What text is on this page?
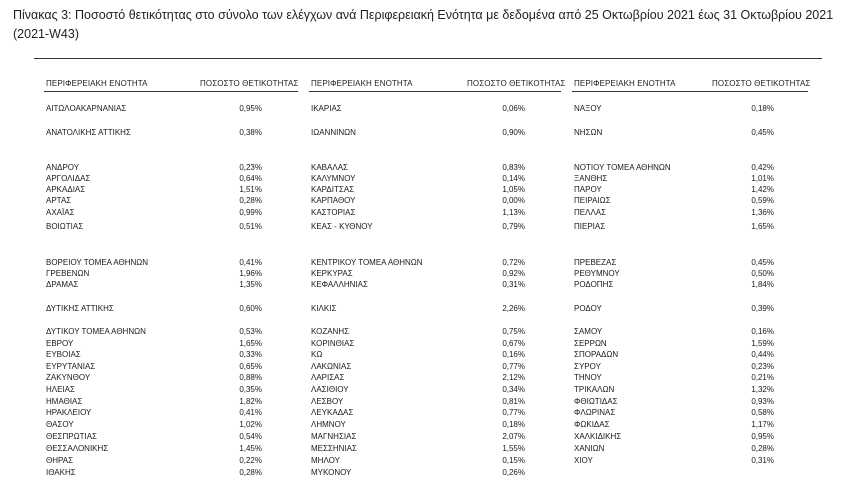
Πίνακας 3: Ποσοστό θετικότητας στο σύνολο των ελέγχων ανά Περιφερειακή Ενότητα με δεδομένα από 25 Οκτωβρίου 2021 έως 31 Οκτωβρίου 2021 (2021-W43)
ΠΕΡΙΦΕΡΕΙΑΚΗ ΕΝΟΤΗΤΑ	ΠΟΣΟΣΤΟ ΘΕΤΙΚΟΤΗΤΑΣ
ΑΙΤΩΛΟΑΚΑΡΝΑΝΙΑΣ	0,95%
ΑΝΑΤΟΛΙΚΗΣ ΑΤΤΙΚΗΣ	0,38%
ΑΝΔΡΟΥ	0,23%
ΑΡΓΟΛΙΔΑΣ	0,64%
ΑΡΚΑΔΙΑΣ	1,51%
ΑΡΤΑΣ	0,28%
ΑΧΑΪΑΣ	0,99%
ΒΟΙΩΤΙΑΣ	0,51%
ΒΟΡΕΙΟΥ ΤΟΜΕΑ ΑΘΗΝΩΝ	0,41%
ΓΡΕΒΕΝΩΝ	1,96%
ΔΡΑΜΑΣ	1,35%
ΔΥΤΙΚΗΣ ΑΤΤΙΚΗΣ	0,60%
ΔΥΤΙΚΟΥ ΤΟΜΕΑ ΑΘΗΝΩΝ	0,53%
ΕΒΡΟΥ	1,65%
ΕΥΒΟΙΑΣ	0,33%
ΕΥΡΥΤΑΝΙΑΣ	0,65%
ΖΑΚΥΝΘΟΥ	0,88%
ΗΛΕΙΑΣ	0,35%
ΗΜΑΘΙΑΣ	1,82%
ΗΡΑΚΛΕΙΟΥ	0,41%
ΘΑΣΟΥ	1,02%
ΘΕΣΠΡΩΤΙΑΣ	0,54%
ΘΕΣΣΑΛΟΝΙΚΗΣ	1,45%
ΘΗΡΑΣ	0,22%
ΙΘΑΚΗΣ	0,28%
ΠΕΡΙΦΕΡΕΙΑΚΗ ΕΝΟΤΗΤΑ	ΠΟΣΟΣΤΟ ΘΕΤΙΚΟΤΗΤΑΣ
ΙΚΑΡΙΑΣ	0,06%
ΙΩΑΝΝΙΝΩΝ	0,90%
ΚΑΒΑΛΑΣ	0,83%
ΚΑΛΥΜΝΟΥ	0,14%
ΚΑΡΔΙΤΣΑΣ	1,05%
ΚΑΡΠΑΘΟΥ	0,00%
ΚΑΣΤΟΡΙΑΣ	1,13%
ΚΕΑΣ - ΚΥΘΝΟΥ	0,79%
ΚΕΝΤΡΙΚΟΥ ΤΟΜΕΑ ΑΘΗΝΩΝ	0,72%
ΚΕΡΚΥΡΑΣ	0,92%
ΚΕΦΑΛΛΗΝΙΑΣ	0,31%
ΚΙΛΚΙΣ	2,26%
ΚΟΖΑΝΗΣ	0,75%
ΚΟΡΙΝΘΙΑΣ	0,67%
ΚΩ	0,16%
ΛΑΚΩΝΙΑΣ	0,77%
ΛΑΡΙΣΑΣ	2,12%
ΛΑΣΙΘΙΟΥ	0,34%
ΛΕΣΒΟΥ	0,81%
ΛΕΥΚΑΔΑΣ	0,77%
ΛΗΜΝΟΥ	0,18%
ΜΑΓΝΗΣΙΑΣ	2,07%
ΜΕΣΣΗΝΙΑΣ	1,55%
ΜΗΛΟΥ	0,15%
ΜΥΚΟΝΟΥ	0,26%
ΠΕΡΙΦΕΡΕΙΑΚΗ ΕΝΟΤΗΤΑ	ΠΟΣΟΣΤΟ ΘΕΤΙΚΟΤΗΤΑΣ
ΝΑΞΟΥ	0,18%
ΝΗΣΩΝ	0,45%
ΝΟΤΙΟΥ ΤΟΜΕΑ ΑΘΗΝΩΝ	0,42%
ΞΑΝΘΗΣ	1,01%
ΠΑΡΟΥ	1,42%
ΠΕΙΡΑΙΩΣ	0,59%
ΠΕΛΛΑΣ	1,36%
ΠΙΕΡΙΑΣ	1,65%
ΠΡΕΒΕΖΑΣ	0,45%
ΡΕΘΥΜΝΟΥ	0,50%
ΡΟΔΟΠΗΣ	1,84%
ΡΟΔΟΥ	0,39%
ΣΑΜΟΥ	0,16%
ΣΕΡΡΩΝ	1,59%
ΣΠΟΡΑΔΩΝ	0,44%
ΣΥΡΟΥ	0,23%
ΤΗΝΟΥ	0,21%
ΤΡΙΚΑΛΩΝ	1,32%
ΦΘΙΩΤΙΔΑΣ	0,93%
ΦΛΩΡΙΝΑΣ	0,58%
ΦΩΚΙΔΑΣ	1,17%
ΧΑΛΚΙΔΙΚΗΣ	0,95%
ΧΑΝΙΩΝ	0,28%
ΧΙΟΥ	0,31%
